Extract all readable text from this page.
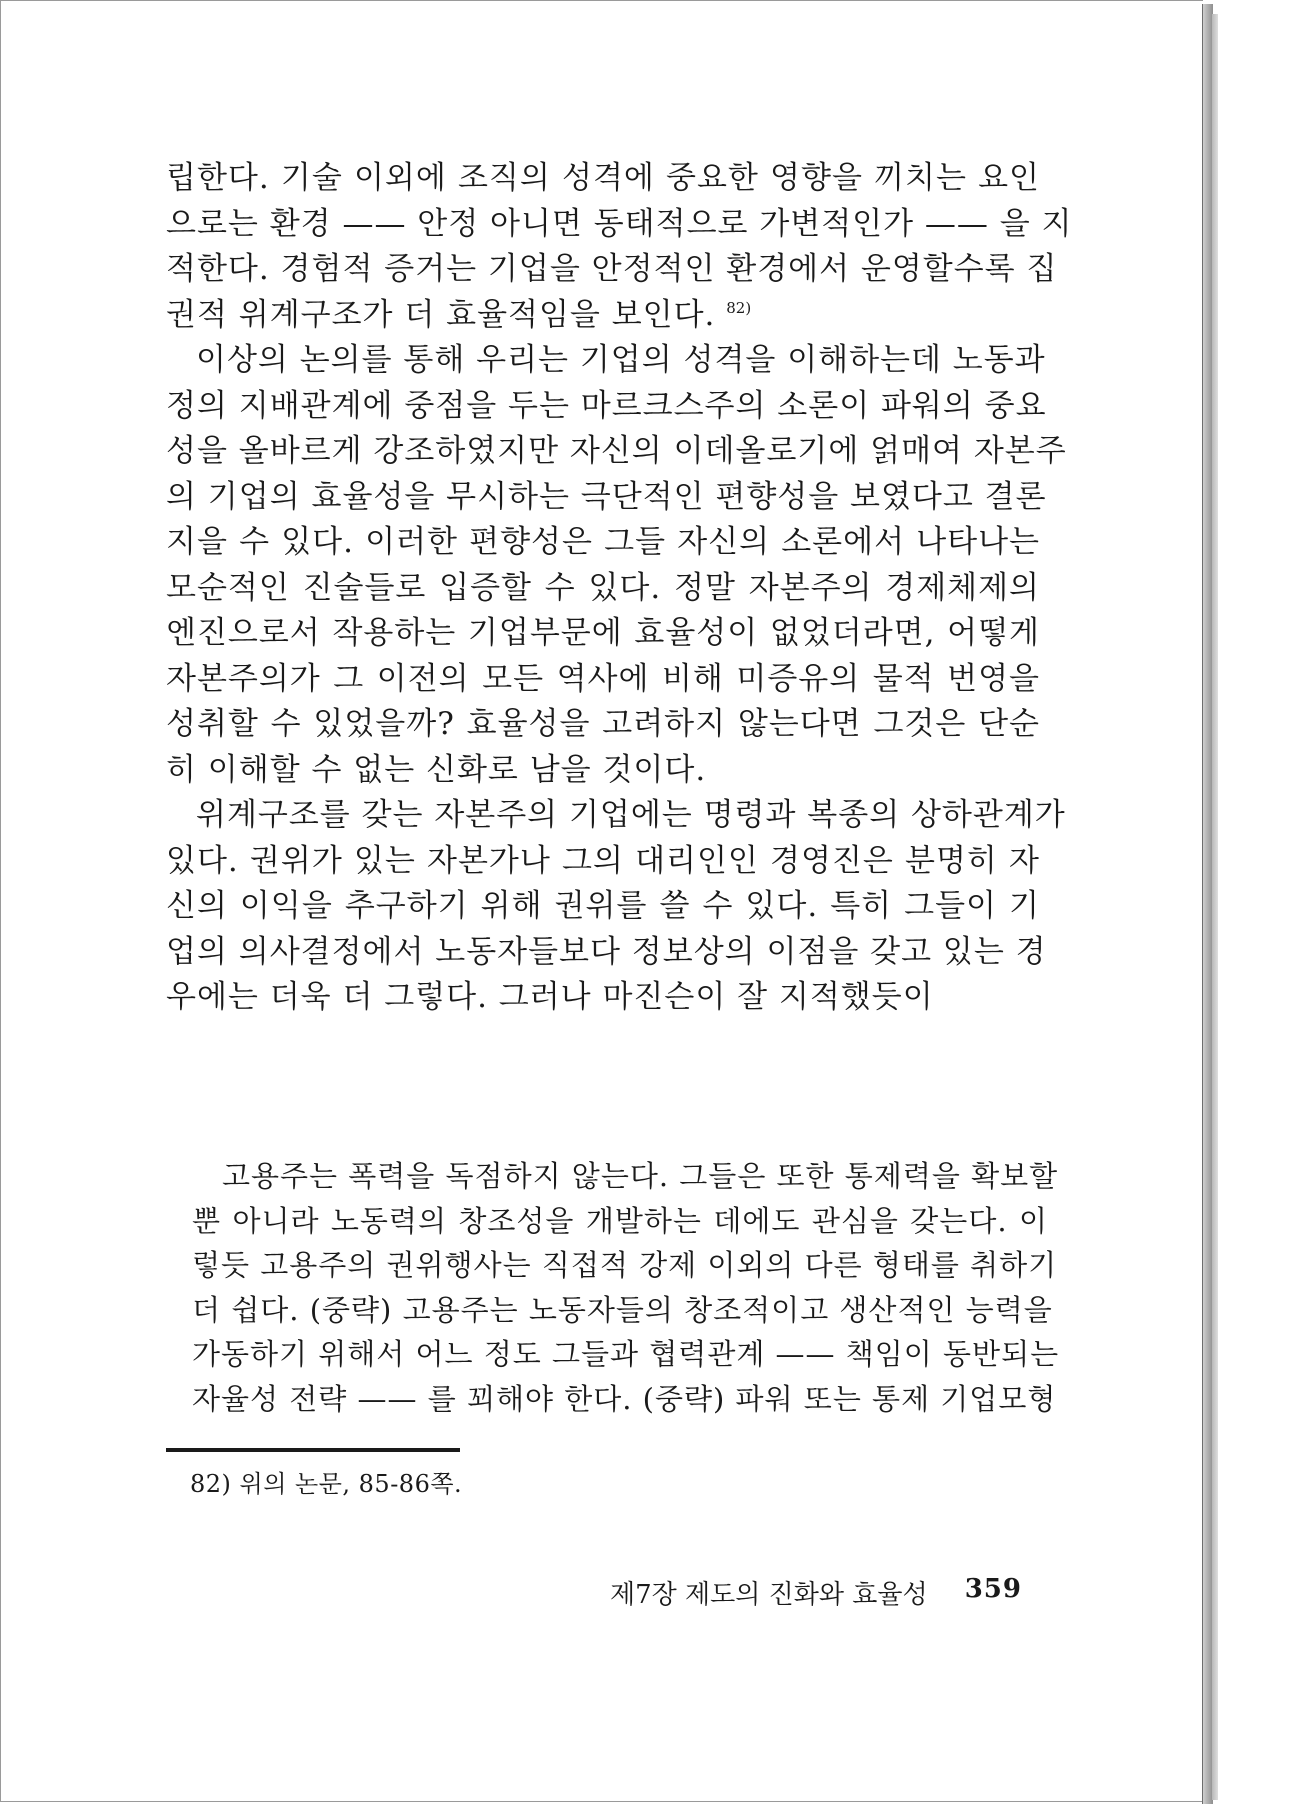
립한다. 기술 이외에 조직의 성격에 중요한 영향을 끼치는 요인
으로는 환경 —— 안정 아니면 동태적으로 가변적인가 —— 을 지
적한다. 경험적 증거는 기업을 안정적인 환경에서 운영할수록 집
권적 위계구조가 더 효율적임을 보인다. $^{82)}$
이상의 논의를 통해 우리는 기업의 성격을 이해하는데 노동과
정의 지배관계에 중점을 두는 마르크스주의 소론이 파워의 중요
성을 올바르게 강조하였지만 자신의 이데올로기에 얽매여 자본주
의 기업의 효율성을 무시하는 극단적인 편향성을 보였다고 결론
지을 수 있다. 이러한 편향성은 그들 자신의 소론에서 나타나는
모순적인 진술들로 입증할 수 있다. 정말 자본주의 경제체제의
엔진으로서 작용하는 기업부문에 효율성이 없었더라면, 어떻게
자본주의가 그 이전의 모든 역사에 비해 미증유의 물적 번영을
성취할 수 있었을까? 효율성을 고려하지 않는다면 그것은 단순
히 이해할 수 없는 신화로 남을 것이다.
위계구조를 갖는 자본주의 기업에는 명령과 복종의 상하관계가
있다. 권위가 있는 자본가나 그의 대리인인 경영진은 분명히 자
신의 이익을 추구하기 위해 권위를 쓸 수 있다. 특히 그들이 기
업의 의사결정에서 노동자들보다 정보상의 이점을 갖고 있는 경
우에는 더욱 더 그렇다. 그러나 마진슨이 잘 지적했듯이
고용주는 폭력을 독점하지 않는다. 그들은 또한 통제력을 확보할
뿐 아니라 노동력의 창조성을 개발하는 데에도 관심을 갖는다. 이
렇듯 고용주의 권위행사는 직접적 강제 이외의 다른 형태를 취하기
더 쉽다. (중략) 고용주는 노동자들의 창조적이고 생산적인 능력을
가동하기 위해서 어느 정도 그들과 협력관계 —— 책임이 동반되는
자율성 전략 —— 를 꾀해야 한다. (중략) 파워 또는 통제 기업모형
82) 위의 논문, 85-86쪽.
제7장 제도의 진화와 효율성 359
